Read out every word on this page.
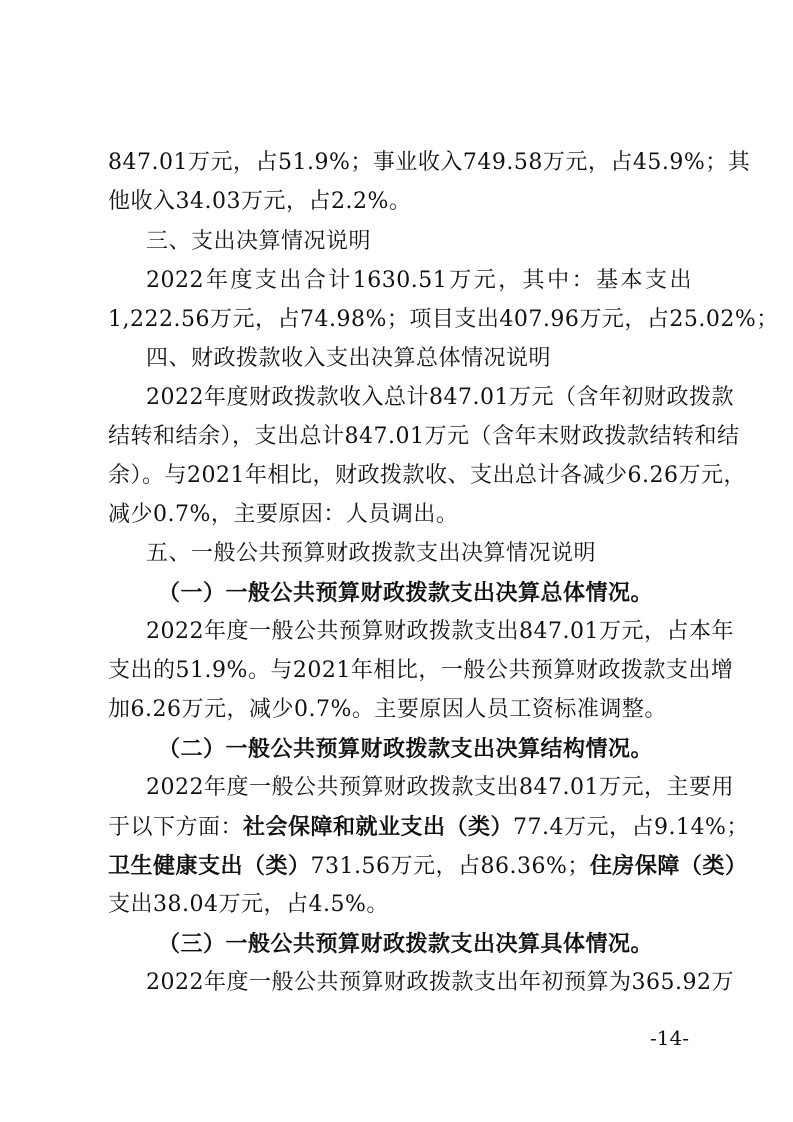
847.01万元，占51.9%；事业收入749.58万元，占45.9%；其
他收入34.03万元，占2.2%。
三、支出决算情况说明
2022年度支出合计1630.51万元，其中：基本支出
1,222.56万元，占74.98%；项目支出407.96万元，占25.02%；
四、财政拨款收入支出决算总体情况说明
2022年度财政拨款收入总计847.01万元（含年初财政拨款
结转和结余），支出总计847.01万元（含年末财政拨款结转和结
余）。与2021年相比，财政拨款收、支出总计各减少6.26万元，
减少0.7%，主要原因：人员调出。
五、一般公共预算财政拨款支出决算情况说明
（一）一般公共预算财政拨款支出决算总体情况。
2022年度一般公共预算财政拨款支出847.01万元，占本年
支出的51.9%。与2021年相比，一般公共预算财政拨款支出增
加6.26万元，减少0.7%。主要原因人员工资标准调整。
（二）一般公共预算财政拨款支出决算结构情况。
2022年度一般公共预算财政拨款支出847.01万元，主要用
于以下方面：社会保障和就业支出（类）77.4万元，占9.14%；
卫生健康支出（类）731.56万元，占86.36%；住房保障（类）
支出38.04万元，占4.5%。
（三）一般公共预算财政拨款支出决算具体情况。
2022年度一般公共预算财政拨款支出年初预算为365.92万
-14-
